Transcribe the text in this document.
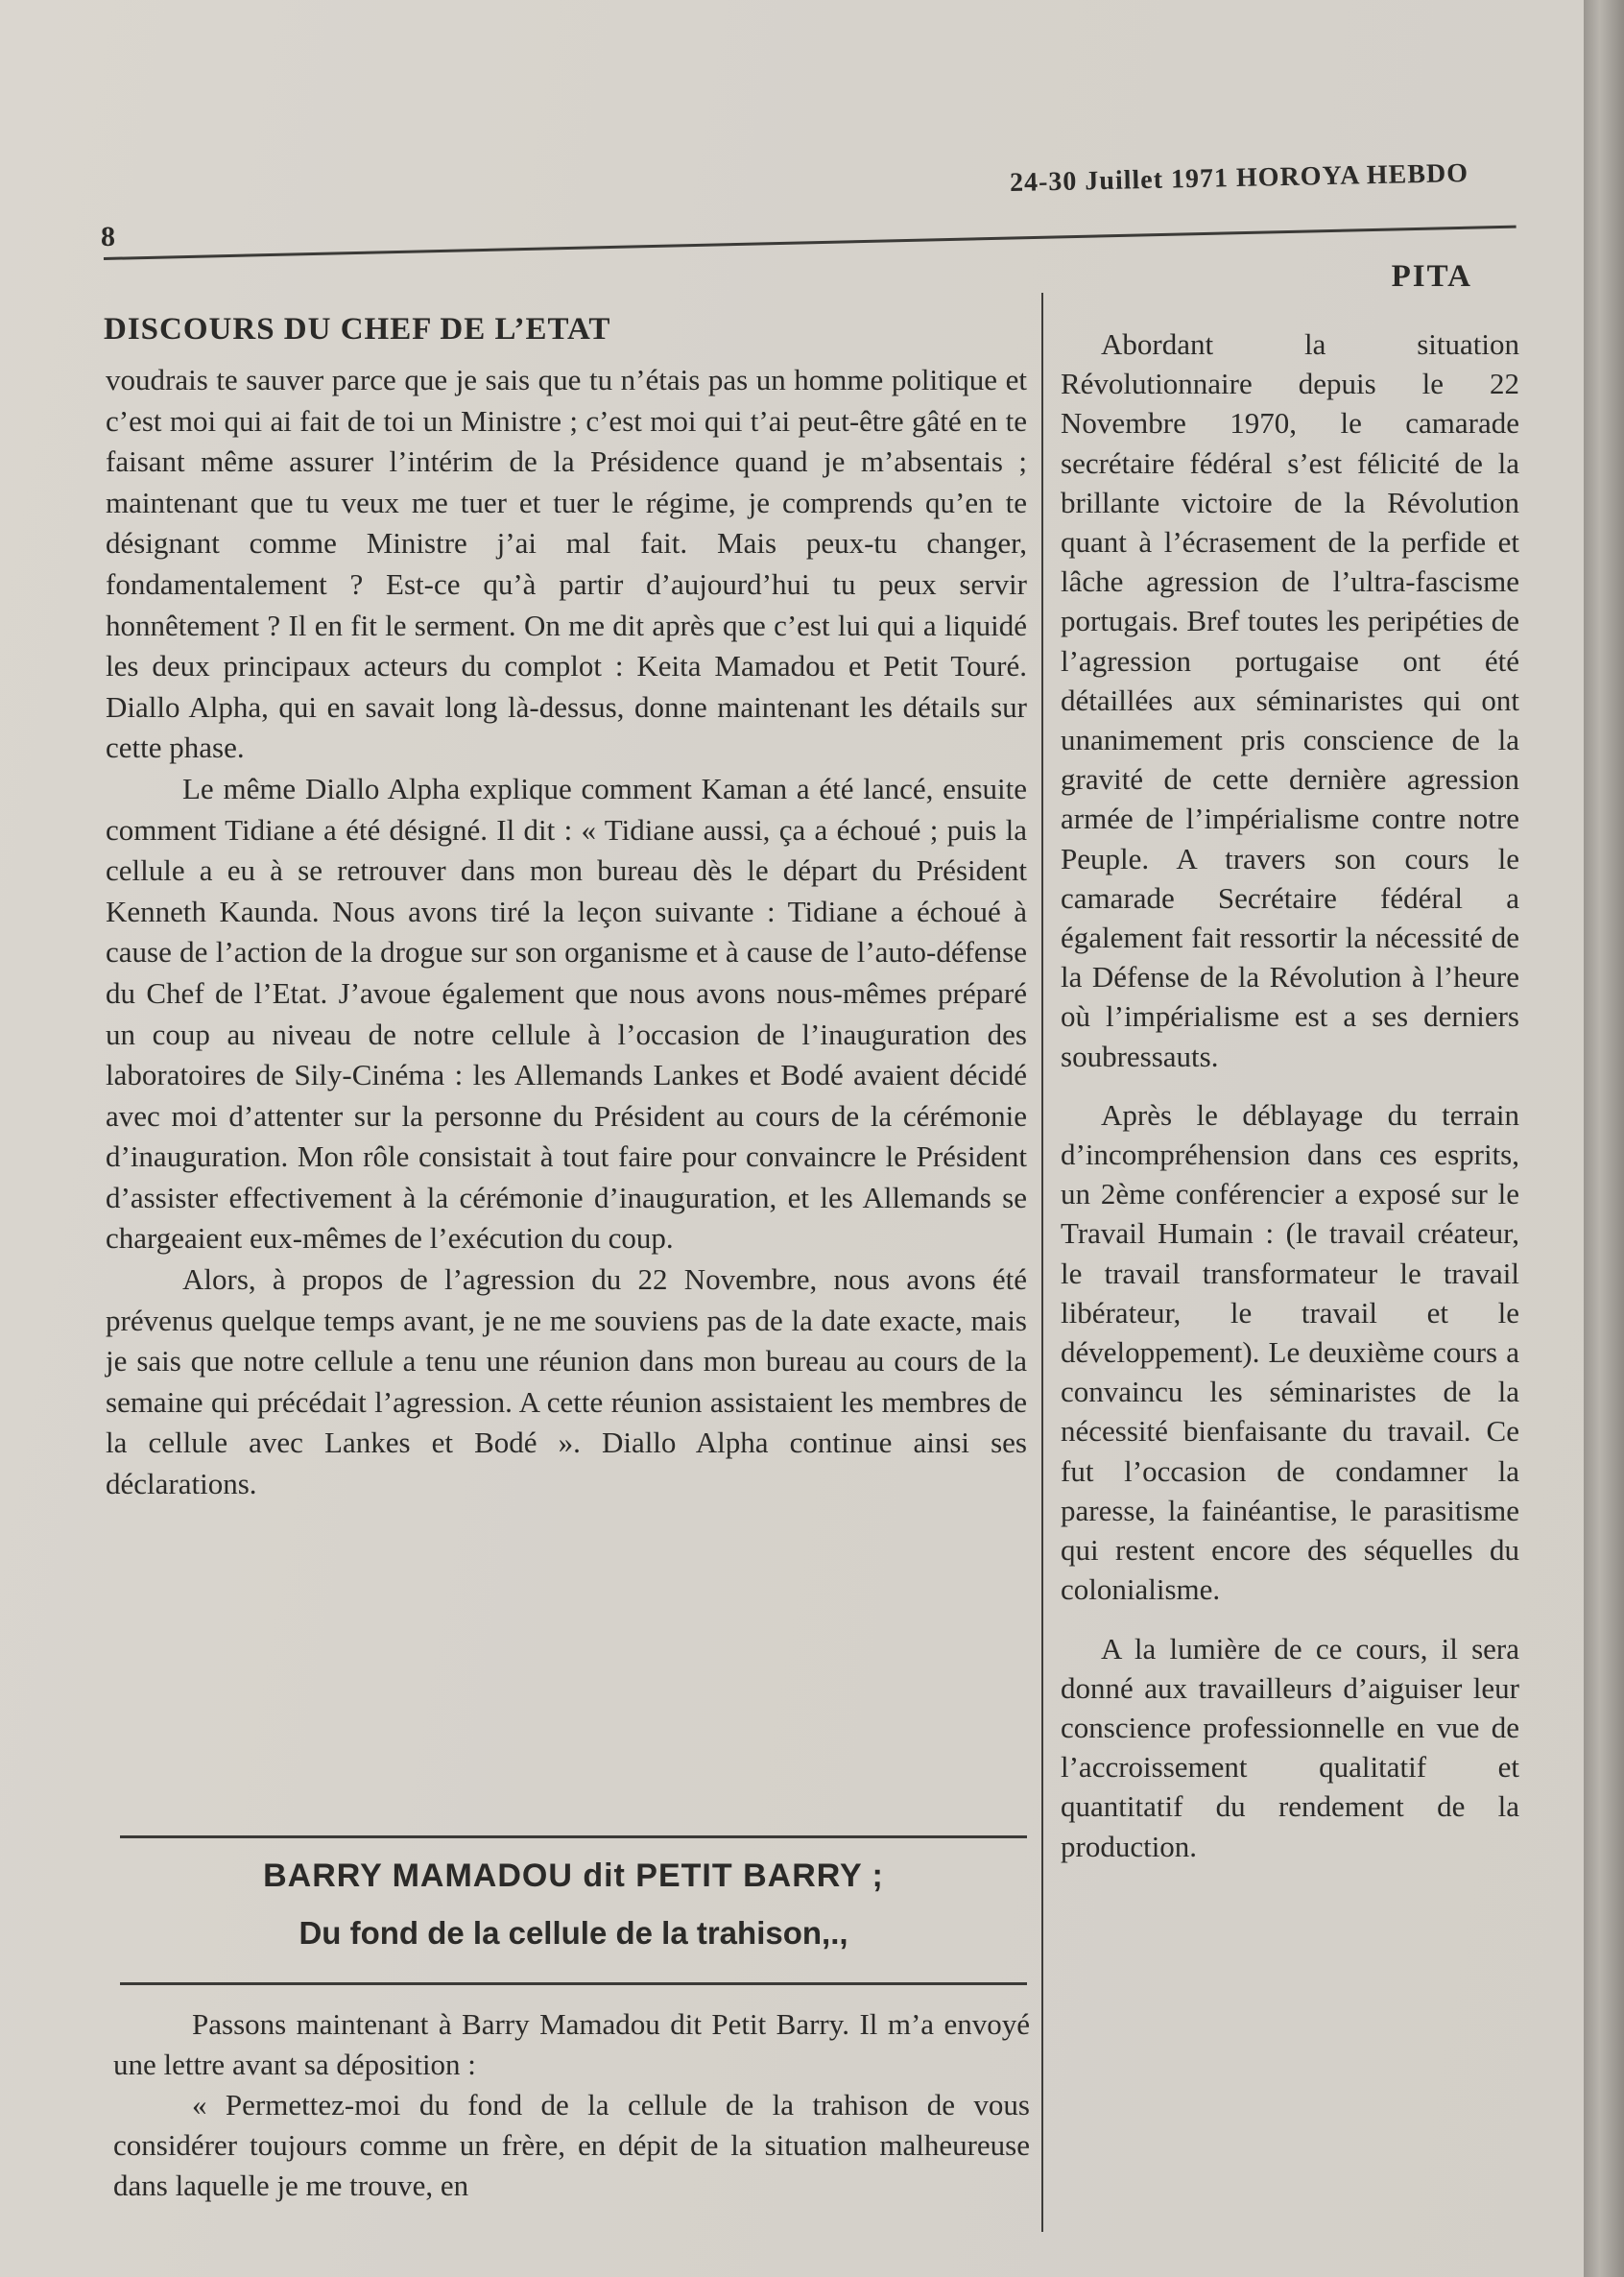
8
24-30 Juillet 1971 HOROYA HEBDO
DISCOURS DU CHEF DE L’ETAT
PITA

voudrais te sauver parce que je sais que tu n’étais pas un homme politique et c’est moi qui ai fait de toi un Ministre ; c’est moi qui t’ai peut-être gâté en te faisant même assurer l’intérim de la Présidence quand je m’absentais ; maintenant que tu veux me tuer et tuer le régime, je comprends qu’en te désignant comme Ministre j’ai mal fait. Mais peux-tu changer, fondamentalement ? Est-ce qu’à partir d’aujourd’hui tu peux servir honnêtement ? Il en fit le serment. On me dit après que c’est lui qui a liquidé les deux principaux acteurs du complot : Keita Mamadou et Petit Touré. Diallo Alpha, qui en savait long là-dessus, donne maintenant les détails sur cette phase.

Le même Diallo Alpha explique comment Kaman a été lancé, ensuite comment Tidiane a été désigné. Il dit : « Tidiane aussi, ça a échoué ; puis la cellule a eu à se retrouver dans mon bureau dès le départ du Président Kenneth Kaunda. Nous avons tiré la leçon suivante : Tidiane a échoué à cause de l’action de la drogue sur son organisme et à cause de l’auto-défense du Chef de l’Etat. J’avoue également que nous avons nous-mêmes préparé un coup au niveau de notre cellule à l’occasion de l’inauguration des laboratoires de Sily-Cinéma : les Allemands Lankes et Bodé avaient décidé avec moi d’attenter sur la personne du Président au cours de la cérémonie d’inauguration. Mon rôle consistait à tout faire pour convaincre le Président d’assister effectivement à la cérémonie d’inauguration, et les Allemands se chargeaient eux-mêmes de l’exécution du coup.

Alors, à propos de l’agression du 22 Novembre, nous avons été prévenus quelque temps avant, je ne me souviens pas de la date exacte, mais je sais que notre cellule a tenu une réunion dans mon bureau au cours de la semaine qui précédait l’agression. A cette réunion assistaient les membres de la cellule avec Lankes et Bodé ». Diallo Alpha continue ainsi ses déclarations.

BARRY MAMADOU dit PETIT BARRY ;
Du fond de la cellule de la trahison,.,

Passons maintenant à Barry Mamadou dit Petit Barry. Il m’a envoyé une lettre avant sa déposition :

« Permettez-moi du fond de la cellule de la trahison de vous considérer toujours comme un frère, en dépit de la situation malheureuse dans laquelle je me trouve, en

Abordant la situation Révolutionnaire depuis le 22 Novembre 1970, le camarade secrétaire fédéral s’est félicité de la brillante victoire de la Révolution quant à l’écrasement de la perfide et lâche agression de l’ultra-fascisme portugais. Bref toutes les peripéties de l’agression portugaise ont été détaillées aux séminaristes qui ont unanimement pris conscience de la gravité de cette dernière agression armée de l’impérialisme contre notre Peuple. A travers son cours le camarade Secrétaire fédéral a également fait ressortir la nécessité de la Défense de la Révolution à l’heure où l’impérialisme est a ses derniers soubressauts.

Après le déblayage du terrain d’incompréhension dans ces esprits, un 2ème conférencier a exposé sur le Travail Humain : (le travail créateur, le travail transformateur le travail libérateur, le travail et le développement). Le deuxième cours a convaincu les séminaristes de la nécessité bienfaisante du travail. Ce fut l’occasion de condamner la paresse, la fainéantise, le parasitisme qui restent encore des séquelles du colonialisme.

A la lumière de ce cours, il sera donné aux travailleurs d’aiguiser leur conscience professionnelle en vue de l’accroissement qualitatif et quantitatif du rendement de la production.
